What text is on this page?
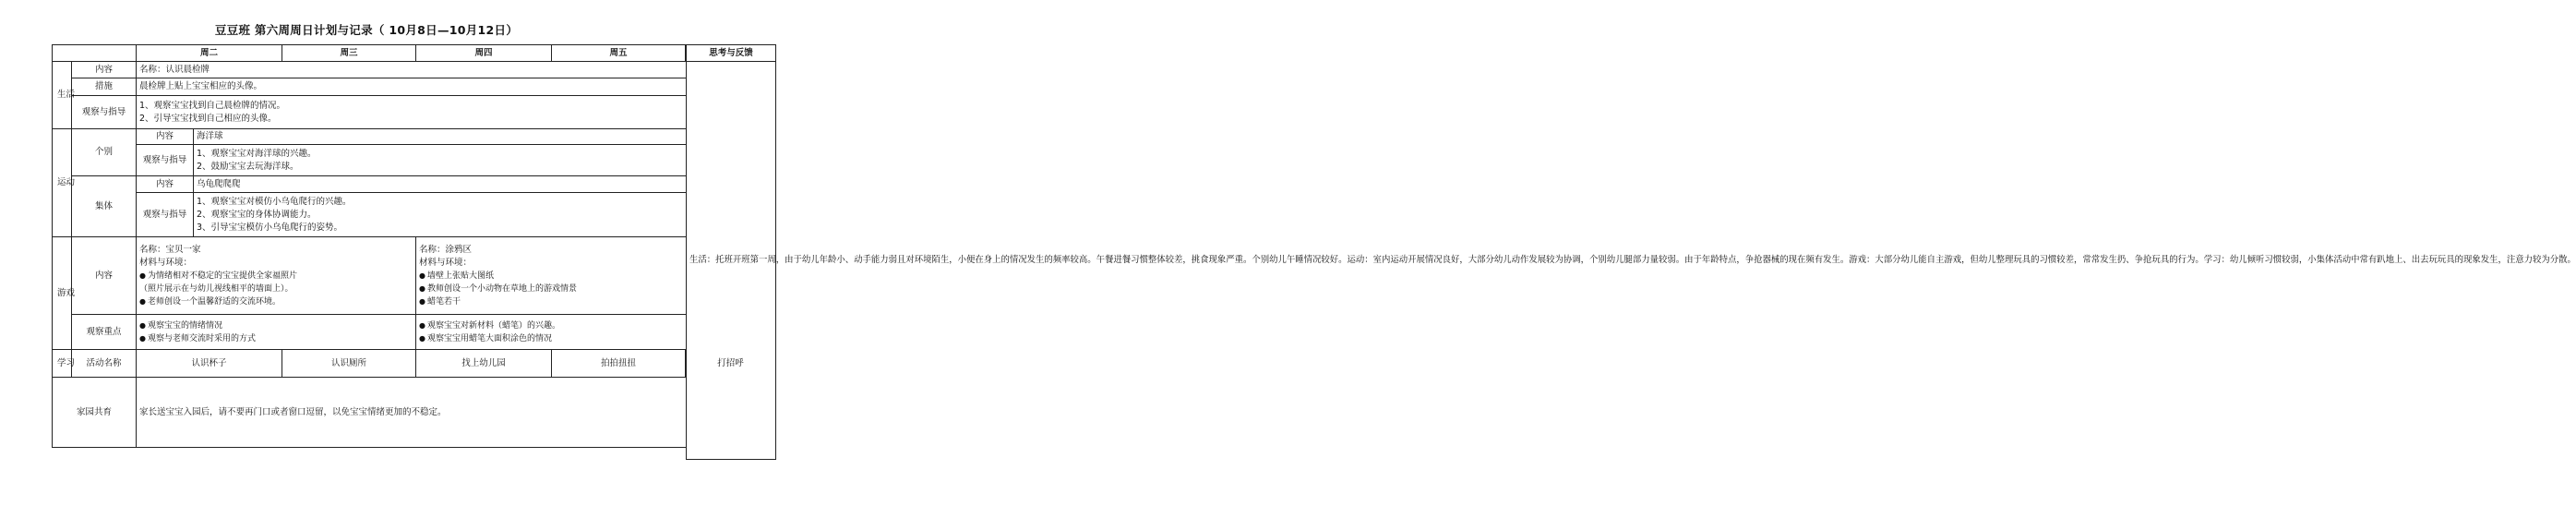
豆豆班 第六周周日计划与记录（ 10月8日—10月12日）
		周二		周三	周四	周五		思考与反馈
生活	内容	名称：认识晨检牌					生活：托班开班第一周，由于幼儿年龄小、动手能力弱且对环境陌生，小便在身上的情况发生的频率较高。午餐进餐习惯整体较差，挑食现象严重。个别幼儿午睡情况较好。运动：室内运动开展情况良好，大部分幼儿动作发展较为协调，个别幼儿腿部力量较弱。由于年龄特点，争抢器械的现在频有发生。游戏：大部分幼儿能自主游戏，但幼儿整理玩具的习惯较差，常常发生扔、争抢玩具的行为。学习：幼儿倾听习惯较弱，小集体活动中常有趴地上、出去玩玩具的现象发生，注意力较为分散。
	措施	晨检牌上贴上宝宝相应的头像。					
	观察与指导	1、观察宝宝找到自己晨检牌的情况。
2、引导宝宝找到自己相应的头像。					

运动	个别	内容	海洋球				
		观察与指导	1、观察宝宝对海洋球的兴趣。
2、鼓励宝宝去玩海洋球。				

	集体	内容	乌龟爬爬爬				
		观察与指导	1、观察宝宝对模仿小乌龟爬行的兴趣。
2、观察宝宝的身体协调能力。
3、引导宝宝模仿小乌龟爬行的姿势。				

游戏	内容	名称：宝贝一家
材料与环境：
● 为情绪相对不稳定的宝宝提供全家福照片
（照片展示在与幼儿视线相平的墙面上）。
● 老师创设一个温馨舒适的交流环境。			名称：涂鸦区
材料与环境：
● 墙壁上张贴大图纸
● 教师创设一个小动物在草地上的游戏情景
● 蜡笔若干

	观察重点	● 观察宝宝的情绪情况
● 观察与老师交流时采用的方式			● 观察宝宝对新材料（蜡笔）的兴趣。
● 观察宝宝用蜡笔大面积涂色的情况

学习	活动名称	认识杯子		认识厕所	找上幼儿园	拍拍扭扭	打招呼
家园共育		家长送宝宝入园后，请不要再门口或者窗口逗留，以免宝宝情绪更加的不稳定。					
